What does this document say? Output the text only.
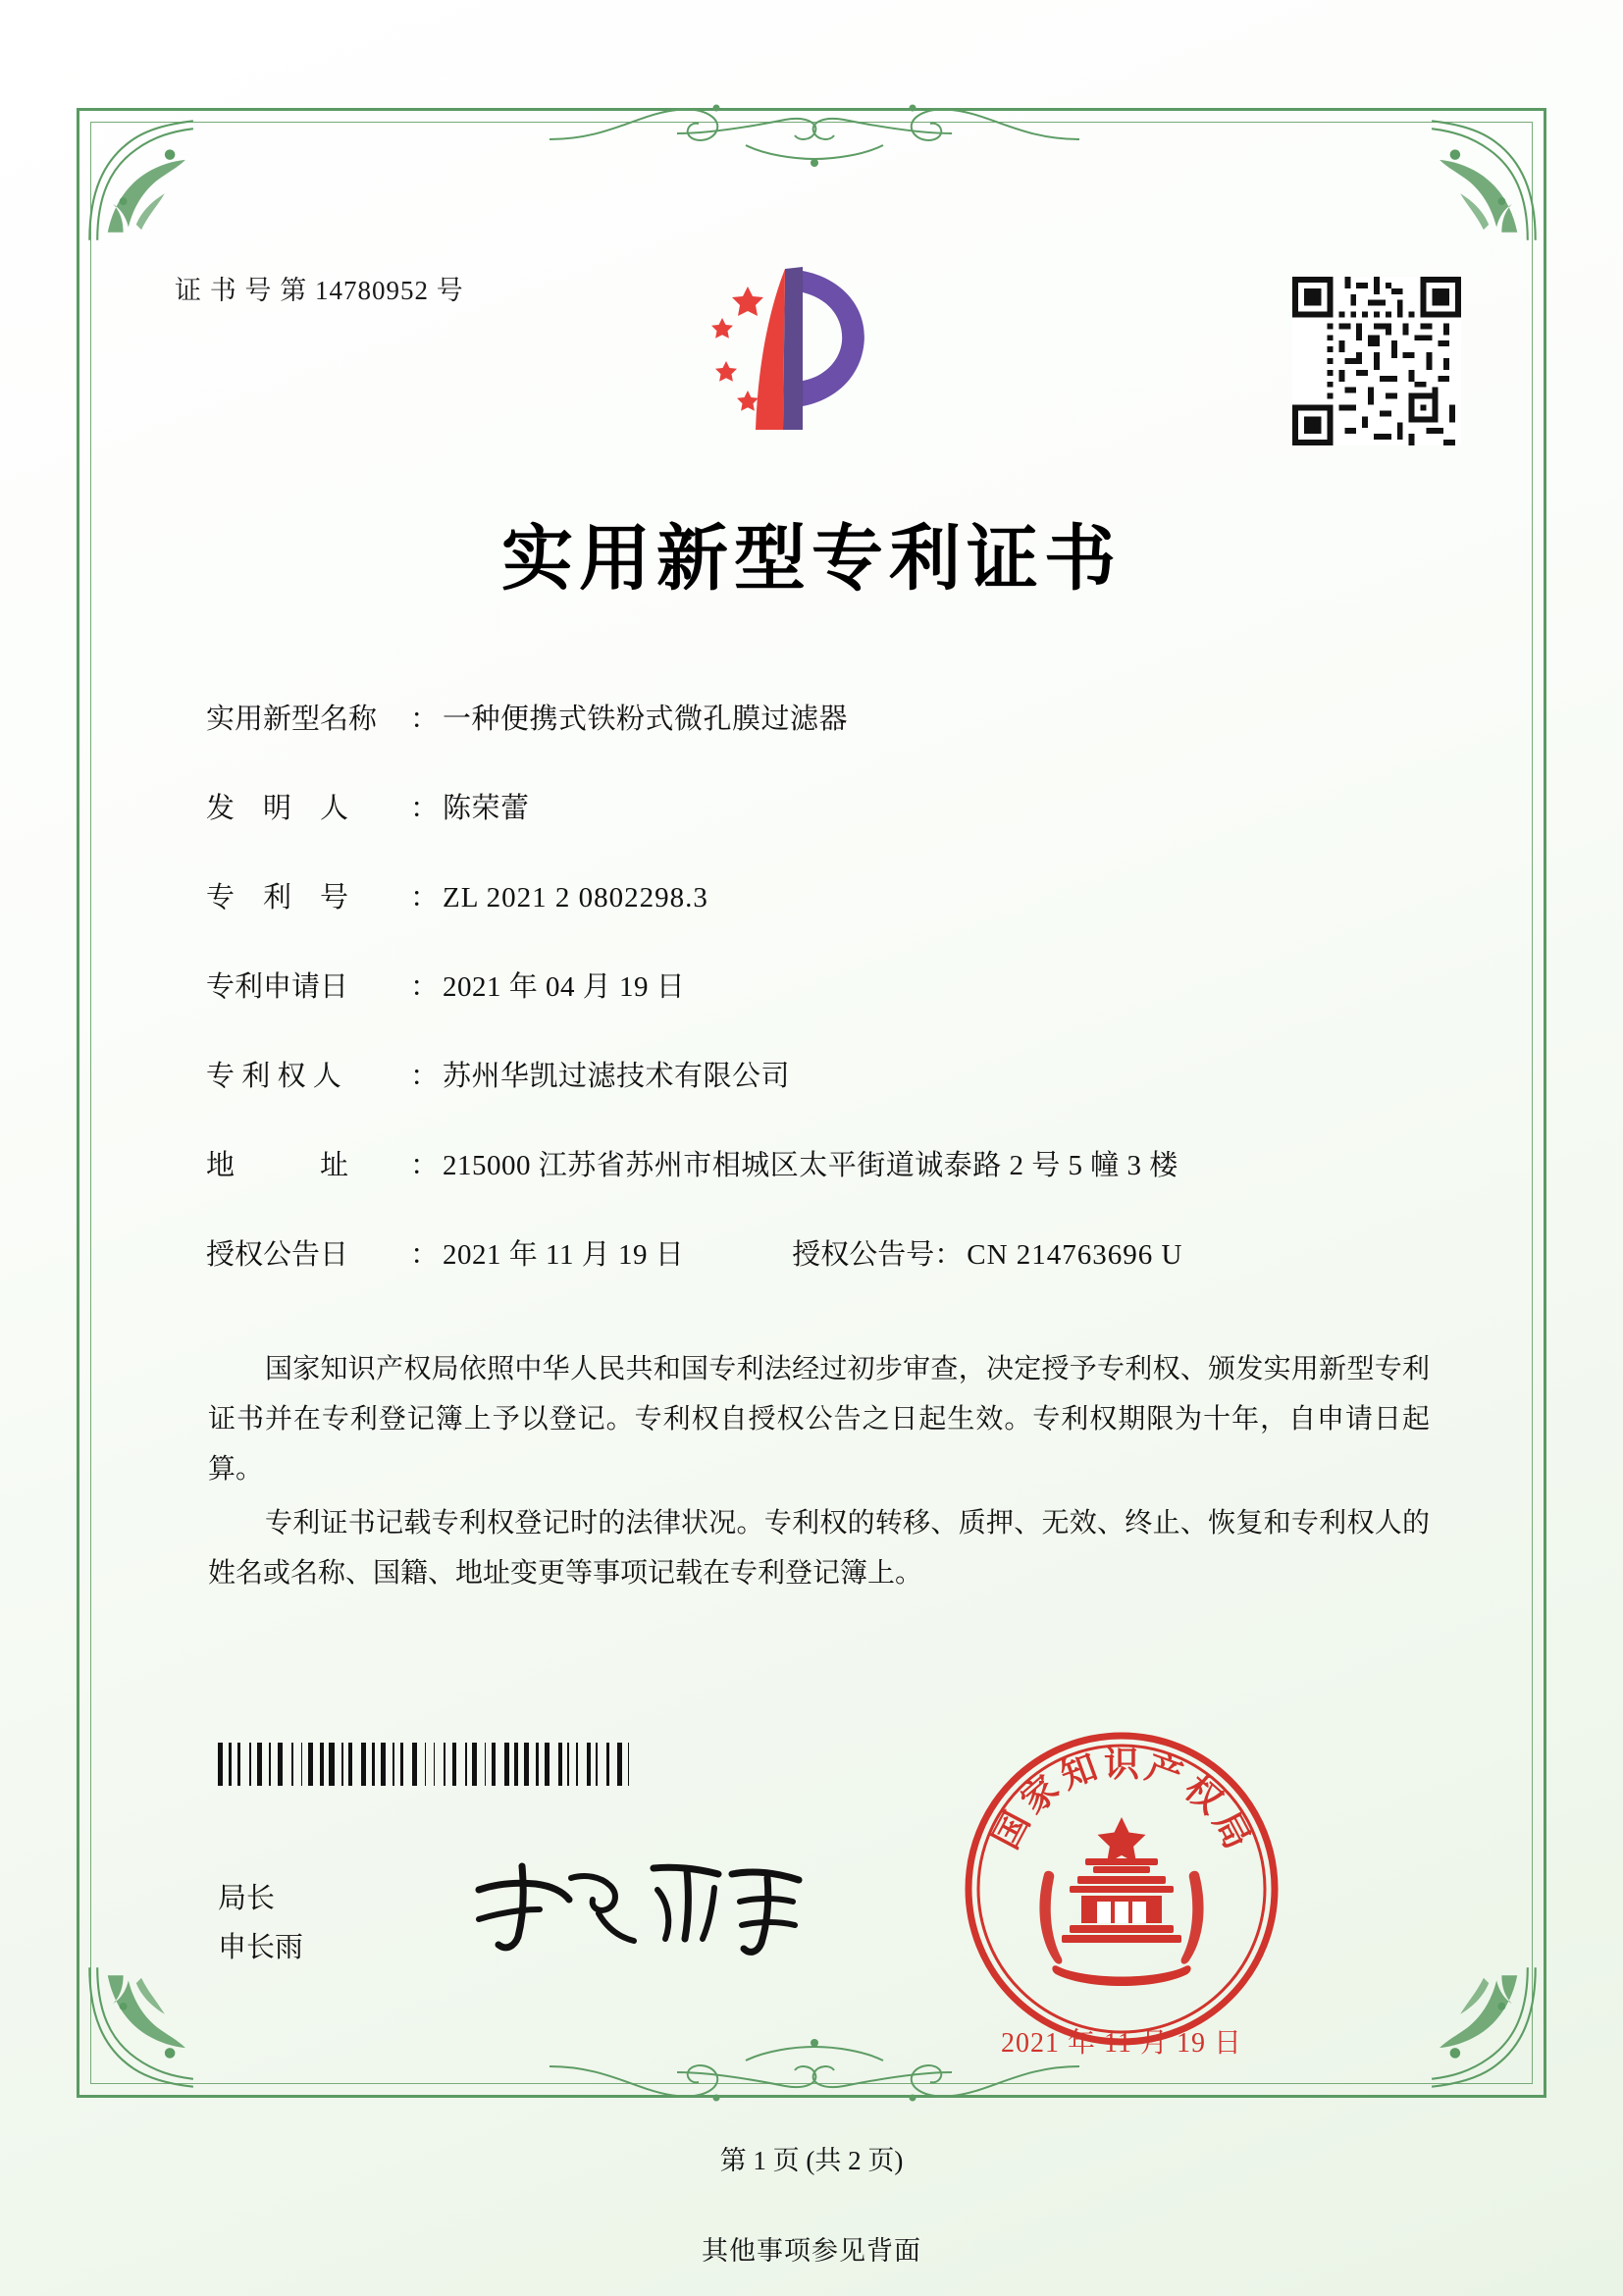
证 书 号 第 14780952 号
实用新型专利证书
实用新型名称	： 一种便携式铁粉式微孔膜过滤器
发　明　人	： 陈荣蕾
专　利　号	： ZL 2021 2 0802298.3
专利申请日	： 2021 年 04 月 19 日
专 利 权 人	： 苏州华凯过滤技术有限公司
地　　　址	： 215000 江苏省苏州市相城区太平街道诚泰路 2 号 5 幢 3 楼
授权公告日	： 2021 年 11 月 19 日	授权公告号 ： CN 214763696 U

国家知识产权局依照中华人民共和国专利法经过初步审查，决定授予专利权、颁发实用新型专利证书并在专利登记簿上予以登记。专利权自授权公告之日起生效。专利权期限为十年，自申请日起算。

专利证书记载专利权登记时的法律状况。专利权的转移、质押、无效、终止、恢复和专利权人的姓名或名称、国籍、地址变更等事项记载在专利登记簿上。

局长
申长雨
国
家
知 识 产
权
局
2021 年 11 月 19 日
第 1 页 (共 2 页)
其他事项参见背面
